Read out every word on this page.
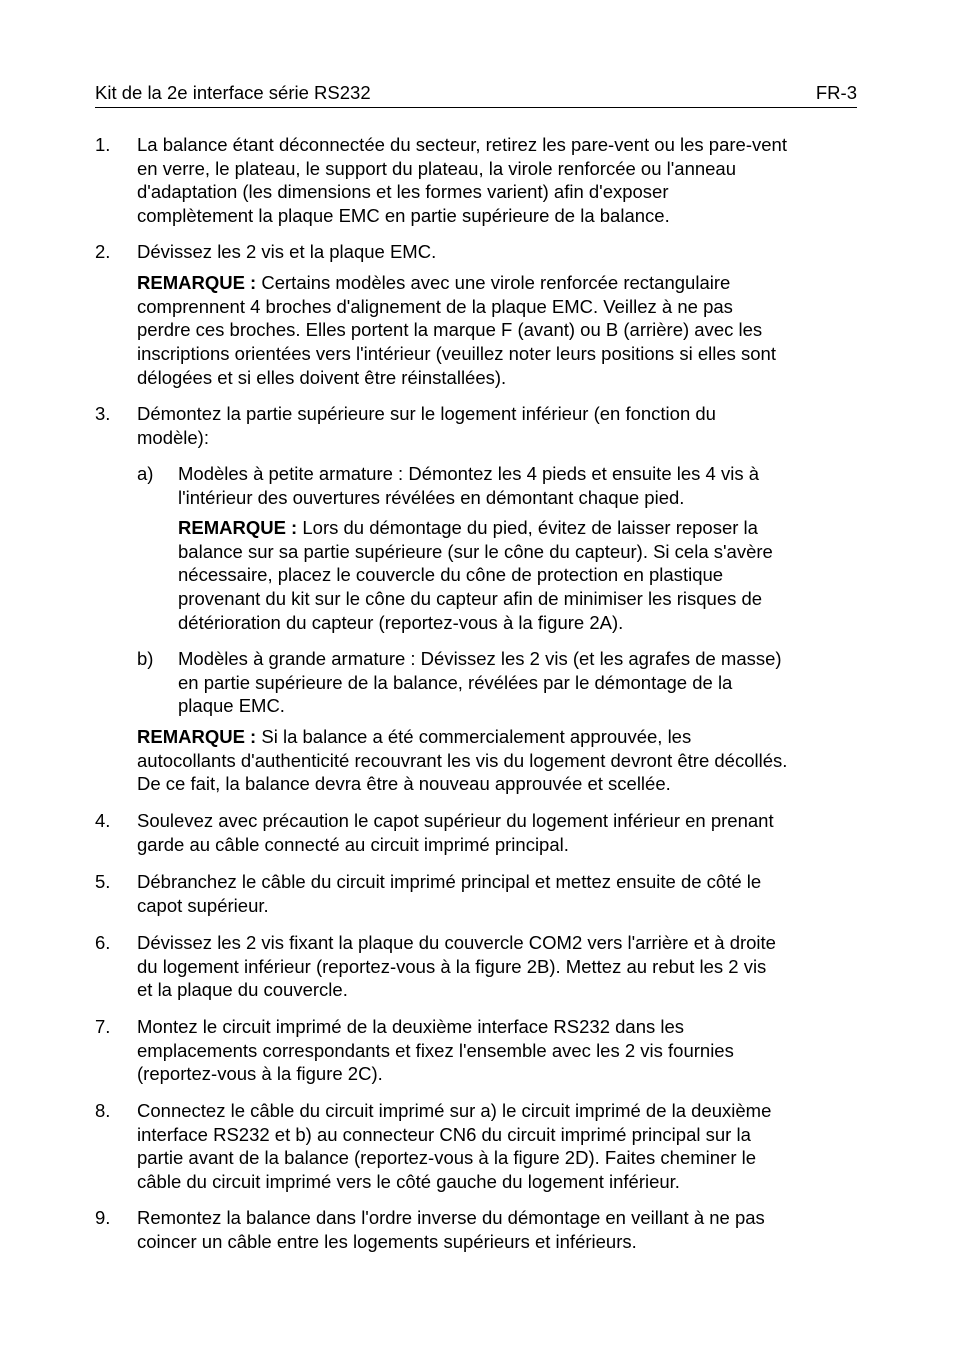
Kit de la 2e interface série RS232	FR-3
1. La balance étant déconnectée du secteur, retirez les pare-vent ou les pare-vent
en verre, le plateau, le support du plateau, la virole renforcée ou l'anneau
d'adaptation (les dimensions et les formes varient) afin d'exposer
complètement la plaque EMC en partie supérieure de la balance.
2. Dévissez les 2 vis et la plaque EMC.
REMARQUE : Certains modèles avec une virole renforcée rectangulaire
comprennent 4 broches d'alignement de la plaque EMC. Veillez à ne pas
perdre ces broches. Elles portent la marque F (avant) ou B (arrière) avec les
inscriptions orientées vers l'intérieur (veuillez noter leurs positions si elles sont
délogées et si elles doivent être réinstallées).
3. Démontez la partie supérieure sur le logement inférieur (en fonction du
modèle):
a) Modèles à petite armature : Démontez les 4 pieds et ensuite les 4 vis à
l'intérieur des ouvertures révélées en démontant chaque pied.
REMARQUE : Lors du démontage du pied, évitez de laisser reposer la
balance sur sa partie supérieure (sur le cône du capteur). Si cela s'avère
nécessaire, placez le couvercle du cône de protection en plastique
provenant du kit sur le cône du capteur afin de minimiser les risques de
détérioration du capteur (reportez-vous à la figure 2A).
b) Modèles à grande armature : Dévissez les 2 vis (et les agrafes de masse)
en partie supérieure de la balance, révélées par le démontage de la
plaque EMC.
REMARQUE : Si la balance a été commercialement approuvée, les
autocollants d'authenticité recouvrant les vis du logement devront être décollés.
De ce fait, la balance devra être à nouveau approuvée et scellée.
4. Soulevez avec précaution le capot supérieur du logement inférieur en prenant
garde au câble connecté au circuit imprimé principal.
5. Débranchez le câble du circuit imprimé principal et mettez ensuite de côté le
capot supérieur.
6. Dévissez les 2 vis fixant la plaque du couvercle COM2 vers l'arrière et à droite
du logement inférieur (reportez-vous à la figure 2B). Mettez au rebut les 2 vis
et la plaque du couvercle.
7. Montez le circuit imprimé de la deuxième interface RS232 dans les
emplacements correspondants et fixez l'ensemble avec les 2 vis fournies
(reportez-vous à la figure 2C).
8. Connectez le câble du circuit imprimé sur a) le circuit imprimé de la deuxième
interface RS232 et b) au connecteur CN6 du circuit imprimé principal sur la
partie avant de la balance (reportez-vous à la figure 2D). Faites cheminer le
câble du circuit imprimé vers le côté gauche du logement inférieur.
9. Remontez la balance dans l'ordre inverse du démontage en veillant à ne pas
coincer un câble entre les logements supérieurs et inférieurs.
